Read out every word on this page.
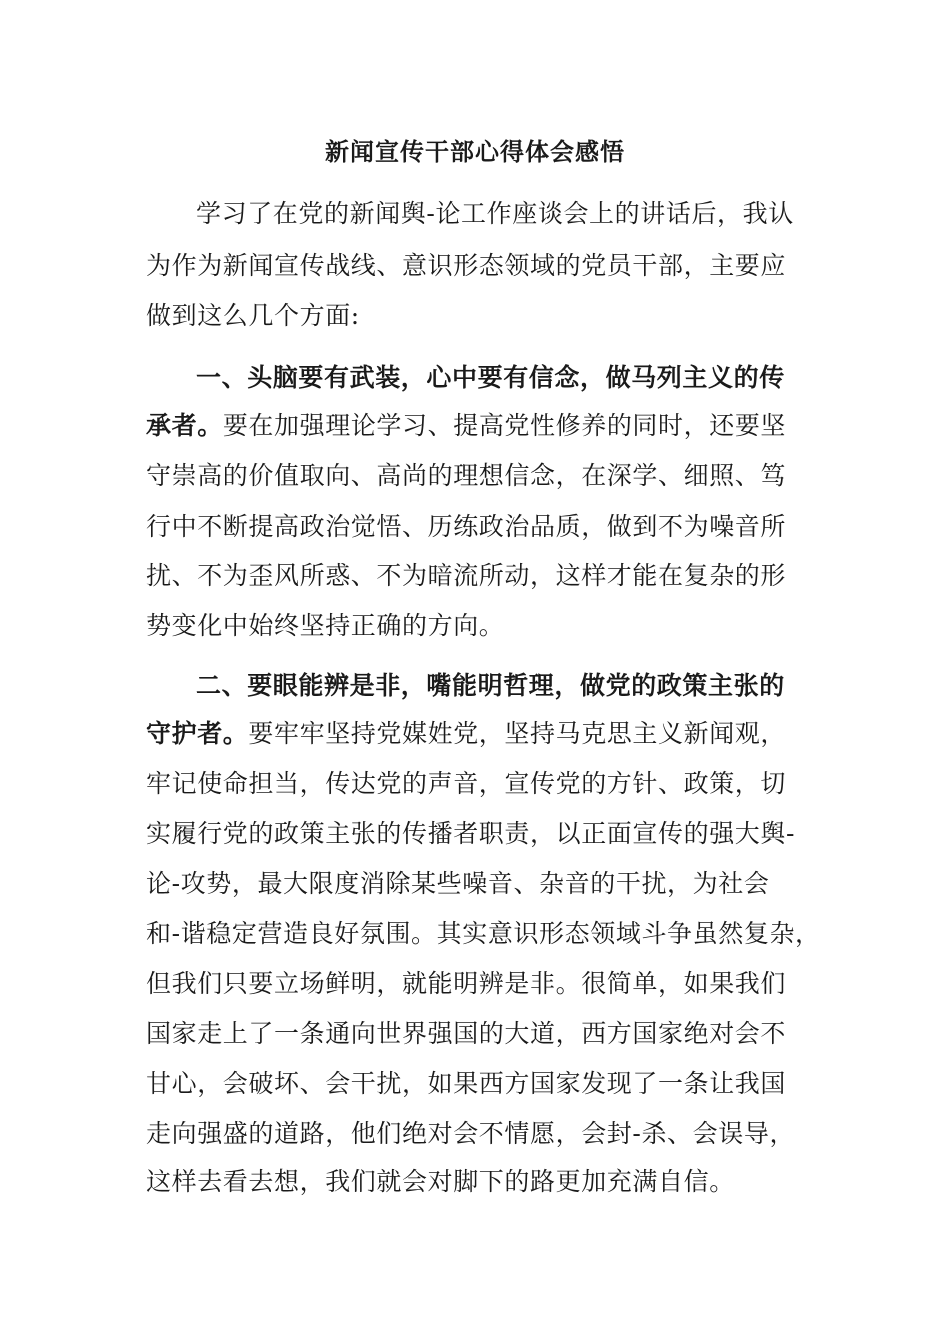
新闻宣传干部心得体会感悟
学习了在党的新闻舆-论工作座谈会上的讲话后，我认
为作为新闻宣传战线、意识形态领域的党员干部，主要应
做到这么几个方面:
一、头脑要有武装，心中要有信念，做马列主义的传
承者。要在加强理论学习、提高党性修养的同时，还要坚
守崇高的价值取向、高尚的理想信念，在深学、细照、笃
行中不断提高政治觉悟、历练政治品质，做到不为噪音所
扰、不为歪风所惑、不为暗流所动，这样才能在复杂的形
势变化中始终坚持正确的方向。
二、要眼能辨是非，嘴能明哲理，做党的政策主张的
守护者。要牢牢坚持党媒姓党，坚持马克思主义新闻观，
牢记使命担当，传达党的声音，宣传党的方针、政策，切
实履行党的政策主张的传播者职责，以正面宣传的强大舆-
论-攻势，最大限度消除某些噪音、杂音的干扰，为社会
和-谐稳定营造良好氛围。其实意识形态领域斗争虽然复杂，
但我们只要立场鲜明，就能明辨是非。很简单，如果我们
国家走上了一条通向世界强国的大道，西方国家绝对会不
甘心，会破坏、会干扰，如果西方国家发现了一条让我国
走向强盛的道路，他们绝对会不情愿，会封-杀、会误导，
这样去看去想，我们就会对脚下的路更加充满自信。
